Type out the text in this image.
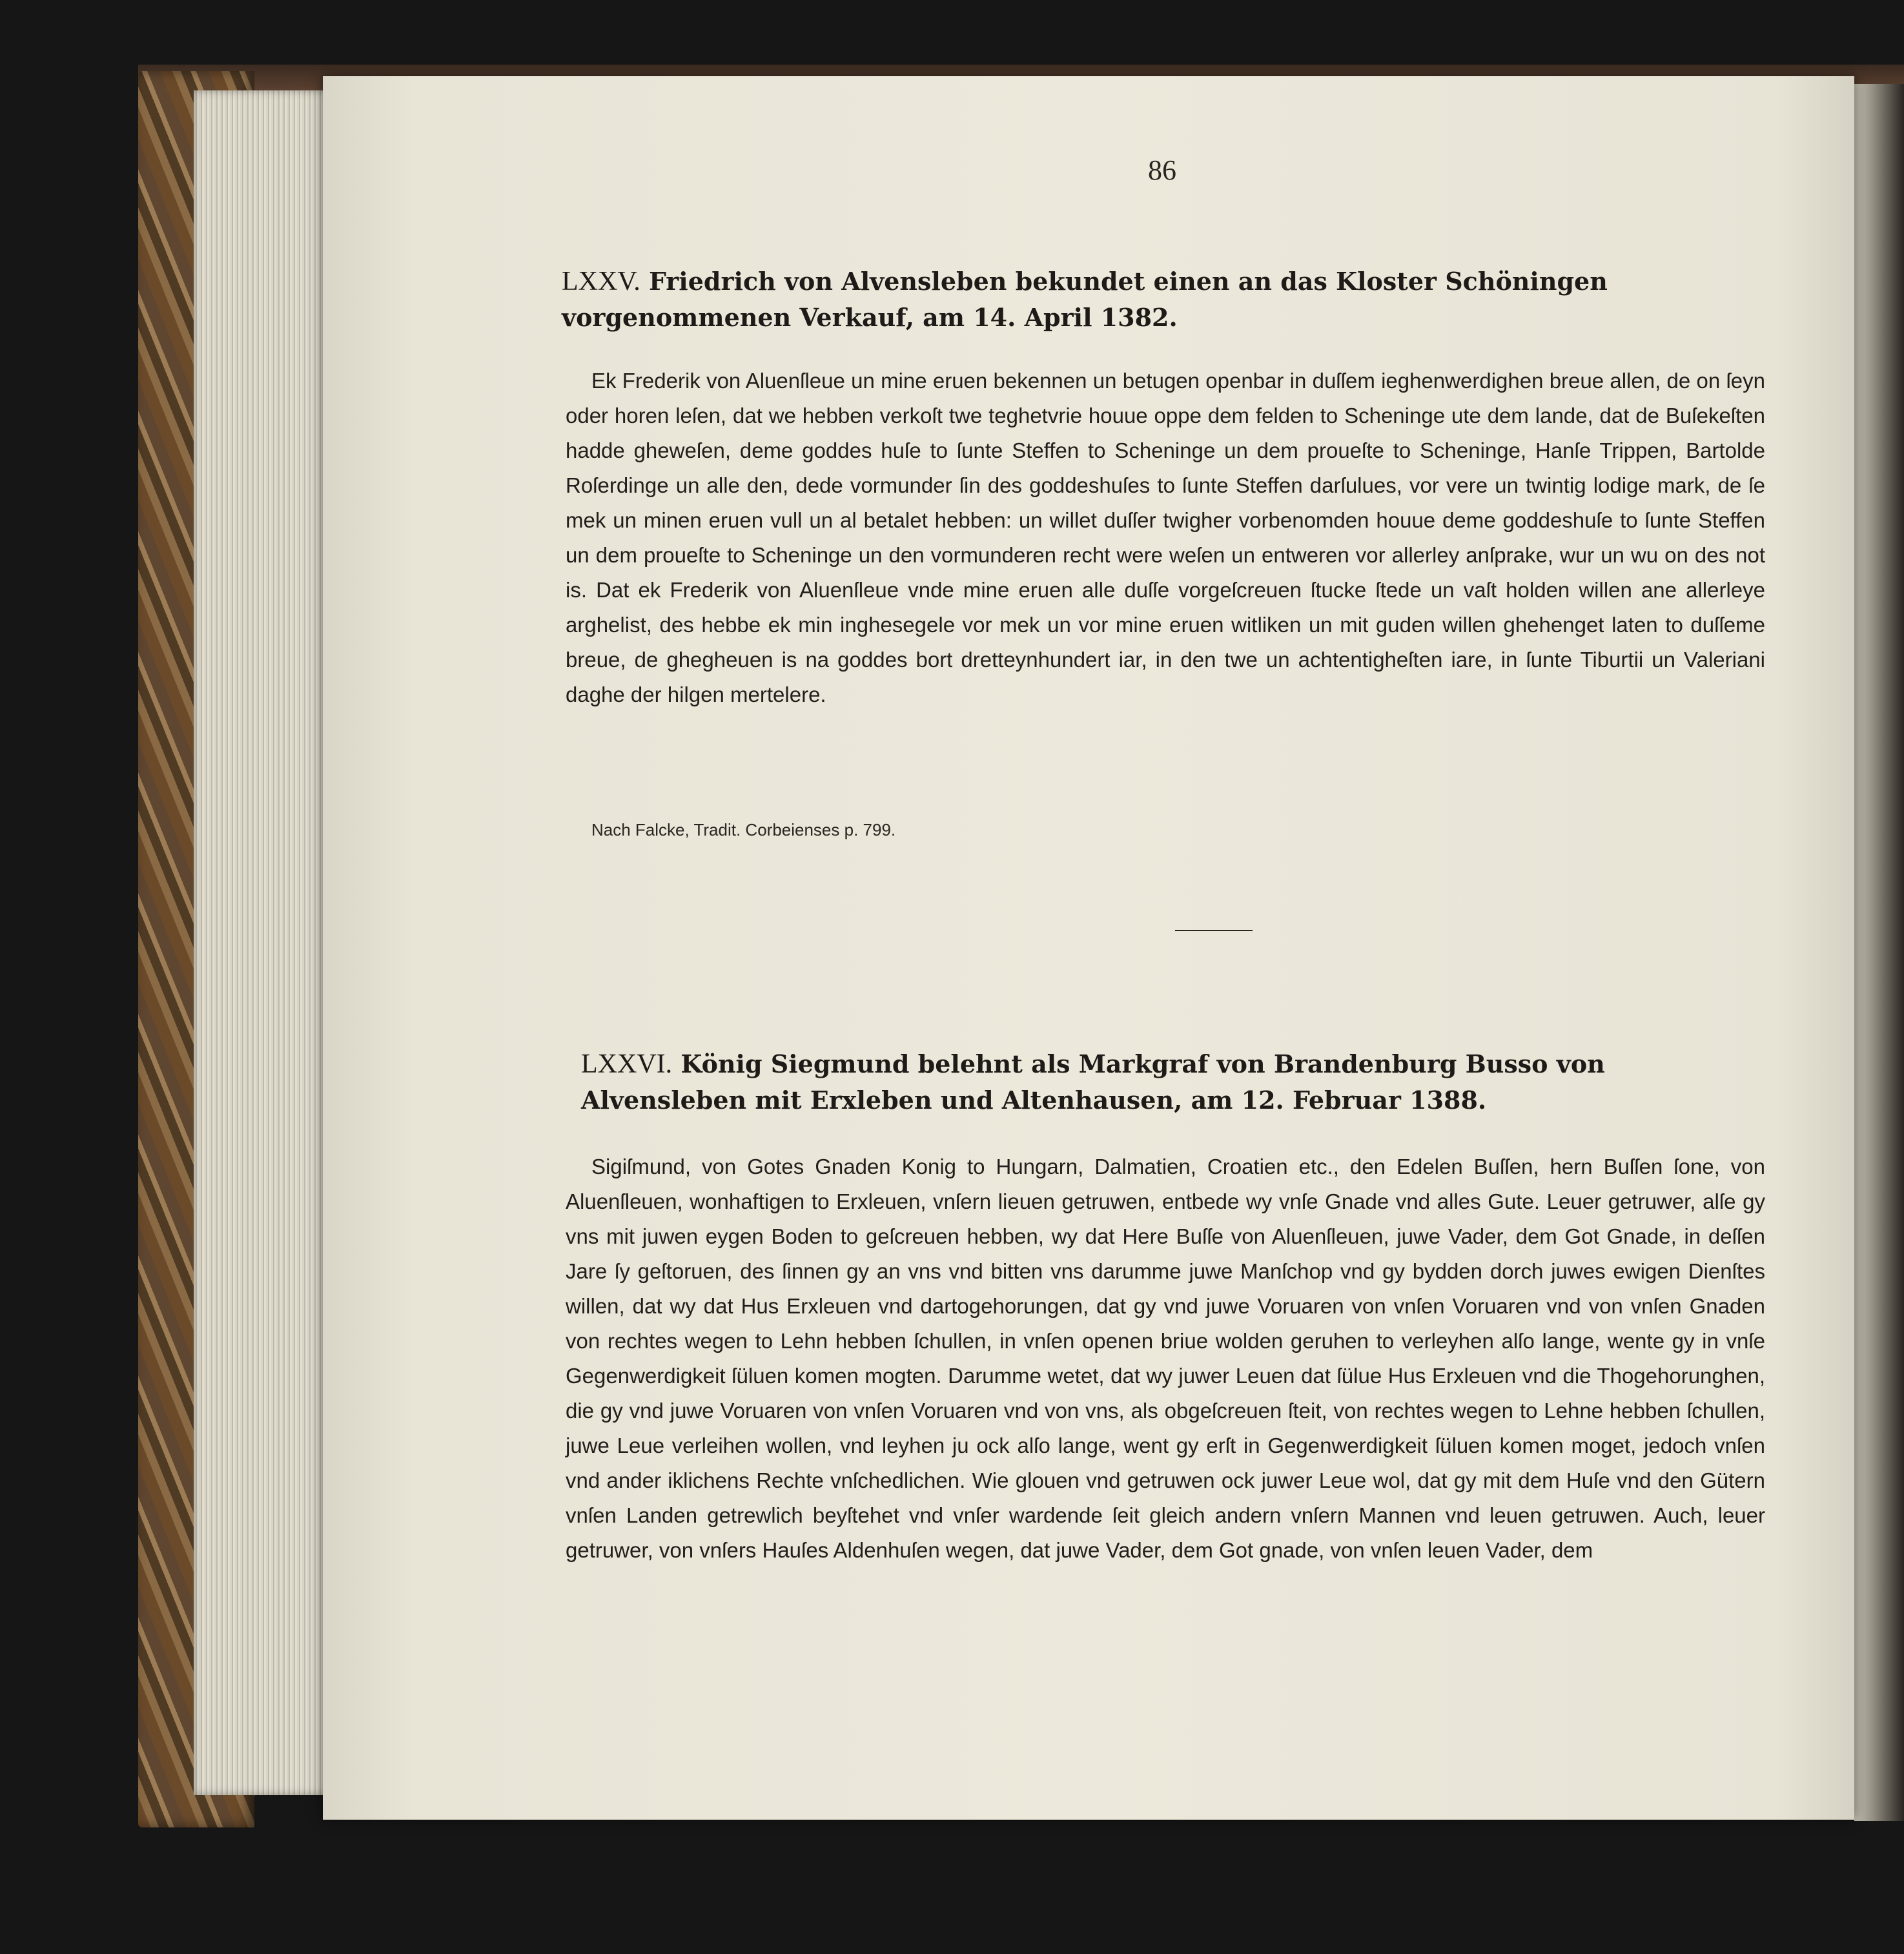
86
LXXV. Friedrich von Alvensleben bekundet einen an das Kloster Schöningen vorgenommenen Verkauf, am 14. April 1382.

Ek Frederik von Aluenſleue un mine eruen bekennen un betugen openbar in duſſem ieghenwerdighen breue allen, de on ſeyn oder horen leſen, dat we hebben verkoſt twe teghetvrie houue oppe dem felden to Scheninge ute dem lande, dat de Buſekeſten hadde gheweſen, deme goddes huſe to ſunte Steffen to Scheninge un dem proueſte to Scheninge, Hanſe Trippen, Bartolde Roſerdinge un alle den, dede vormunder ſin des goddeshuſes to ſunte Steffen darſulues, vor vere un twintig lodige mark, de ſe mek un minen eruen vull un al betalet hebben: un willet duſſer twigher vorbenomden houue deme goddeshuſe to ſunte Steffen un dem proueſte to Scheninge un den vormunderen recht were weſen un entweren vor allerley anſprake, wur un wu on des not is. Dat ek Frederik von Aluenſleue vnde mine eruen alle duſſe vorgeſcreuen ſtucke ſtede un vaſt holden willen ane allerleye arghelist, des hebbe ek min inghesegele vor mek un vor mine eruen witliken un mit guden willen ghehenget laten to duſſeme breue, de ghegheuen is na goddes bort dretteynhundert iar, in den twe un achtentigheſten iare, in ſunte Tiburtii un Valeriani daghe der hilgen mertelere.

Nach Falcke, Tradit. Corbeienses p. 799.
LXXVI. König Siegmund belehnt als Markgraf von Brandenburg Busso von Alvensleben mit Erxleben und Altenhausen, am 12. Februar 1388.

Sigiſmund, von Gotes Gnaden Konig to Hungarn, Dalmatien, Croatien etc., den Edelen Buſſen, hern Buſſen ſone, von Aluenſleuen, wonhaftigen to Erxleuen, vnſern lieuen getruwen, entbede wy vnſe Gnade vnd alles Gute. Leuer getruwer, alſe gy vns mit juwen eygen Boden to geſcreuen hebben, wy dat Here Buſſe von Aluenſleuen, juwe Vader, dem Got Gnade, in deſſen Jare ſy geſtoruen, des ſinnen gy an vns vnd bitten vns darumme juwe Manſchop vnd gy bydden dorch juwes ewigen Dienſtes willen, dat wy dat Hus Erxleuen vnd dartogehorungen, dat gy vnd juwe Voruaren von vnſen Voruaren vnd von vnſen Gnaden von rechtes wegen to Lehn hebben ſchullen, in vnſen openen briue wolden geruhen to verleyhen alſo lange, wente gy in vnſe Gegenwerdigkeit ſüluen komen mogten. Darumme wetet, dat wy juwer Leuen dat ſülue Hus Erxleuen vnd die Thogehorunghen, die gy vnd juwe Voruaren von vnſen Voruaren vnd von vns, als obgeſcreuen ſteit, von rechtes wegen to Lehne hebben ſchullen, juwe Leue verleihen wollen, vnd leyhen ju ock alſo lange, went gy erſt in Gegenwerdigkeit ſüluen komen moget, jedoch vnſen vnd ander iklichens Rechte vnſchedlichen. Wie glouen vnd getruwen ock juwer Leue wol, dat gy mit dem Huſe vnd den Gütern vnſen Landen getrewlich beyſtehet vnd vnſer wardende ſeit gleich andern vnſern Mannen vnd leuen getruwen. Auch, leuer getruwer, von vnſers Hauſes Aldenhuſen wegen, dat juwe Vader, dem Got gnade, von vnſen leuen Vader, dem
